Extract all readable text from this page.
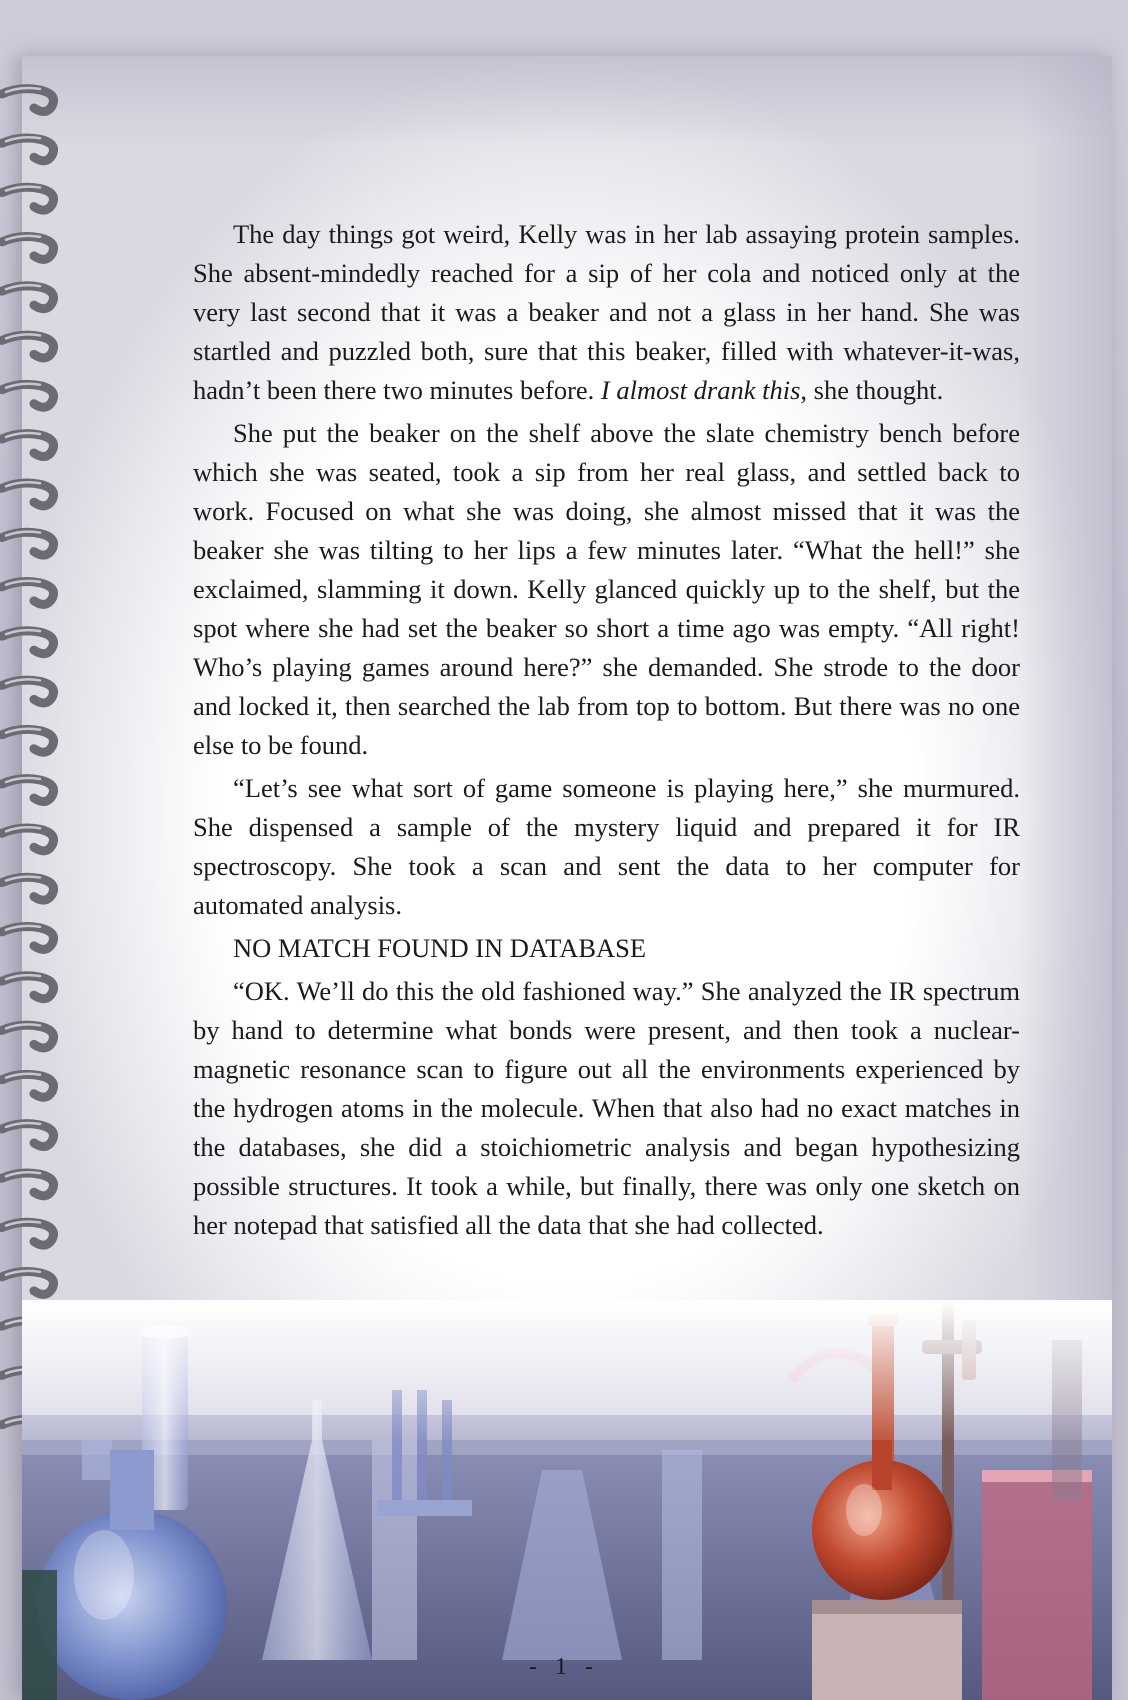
The day things got weird, Kelly was in her lab assaying protein samples. She absent-mindedly reached for a sip of her cola and noticed only at the very last second that it was a beaker and not a glass in her hand. She was startled and puzzled both, sure that this beaker, filled with whatever-it-was, hadn’t been there two minutes before. I almost drank this, she thought.

She put the beaker on the shelf above the slate chemistry bench before which she was seated, took a sip from her real glass, and settled back to work. Focused on what she was doing, she almost missed that it was the beaker she was tilting to her lips a few minutes later. “What the hell!” she exclaimed, slamming it down. Kelly glanced quickly up to the shelf, but the spot where she had set the beaker so short a time ago was empty. “All right! Who’s playing games around here?” she demanded. She strode to the door and locked it, then searched the lab from top to bottom. But there was no one else to be found.

“Let’s see what sort of game someone is playing here,” she murmured. She dispensed a sample of the mystery liquid and prepared it for IR spectroscopy. She took a scan and sent the data to her computer for automated analysis.

NO MATCH FOUND IN DATABASE

“OK. We’ll do this the old fashioned way.” She analyzed the IR spectrum by hand to determine what bonds were present, and then took a nuclear-magnetic resonance scan to figure out all the environments experienced by the hydrogen atoms in the molecule. When that also had no exact matches in the databases, she did a stoichiometric analysis and began hypothesizing possible structures. It took a while, but finally, there was only one sketch on her notepad that satisfied all the data that she had collected.

- 1 -
